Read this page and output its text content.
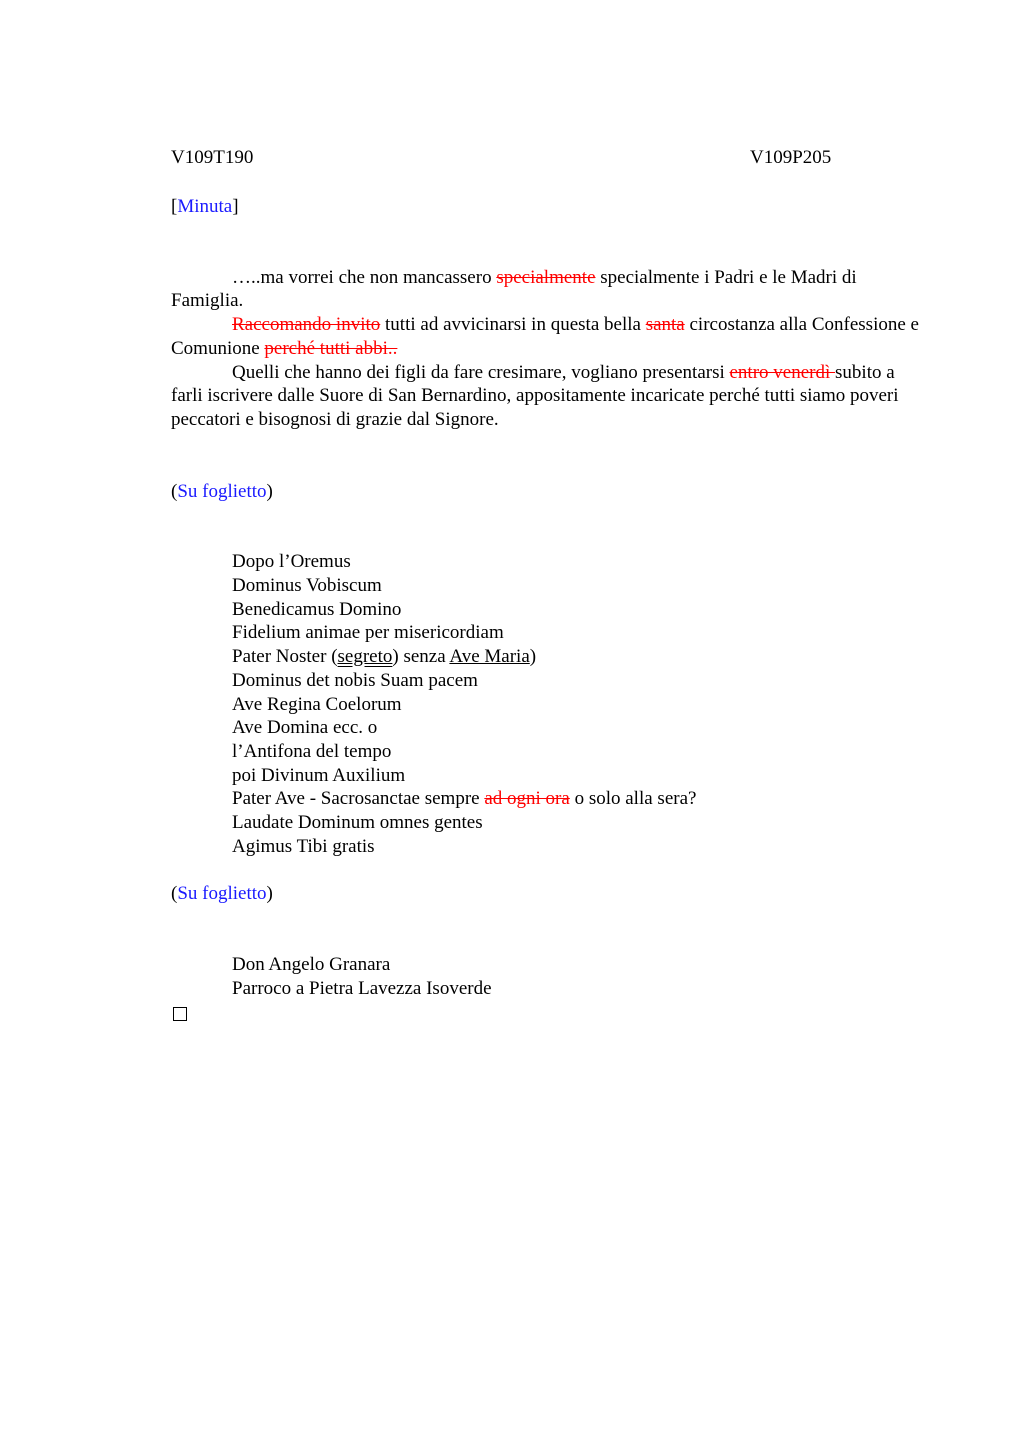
V109T190	V109P205
[Minuta]

…..ma vorrei che non mancassero specialmente specialmente i Padri e le Madri di Famiglia.

Raccomando invito tutti ad avvicinarsi in questa bella santa circostanza alla Confessione e Comunione perché tutti abbi..

Quelli che hanno dei figli da fare cresimare, vogliano presentarsi entro venerdì subito a farli iscrivere dalle Suore di San Bernardino, appositamente incaricate perché tutti siamo poveri peccatori e bisognosi di grazie dal Signore.

(Su foglietto)

Dopo l’Oremus

Dominus Vobiscum

Benedicamus Domino

Fidelium animae per misericordiam

Pater Noster (segreto) senza Ave Maria)

Dominus det nobis Suam pacem

Ave Regina Coelorum

Ave Domina ecc. o

l’Antifona del tempo

poi Divinum Auxilium

Pater Ave - Sacrosanctae sempre ad ogni ora o solo alla sera?

Laudate Dominum omnes gentes

Agimus Tibi gratis

(Su foglietto)
Don Angelo Granara
Parroco a Pietra Lavezza Isoverde
